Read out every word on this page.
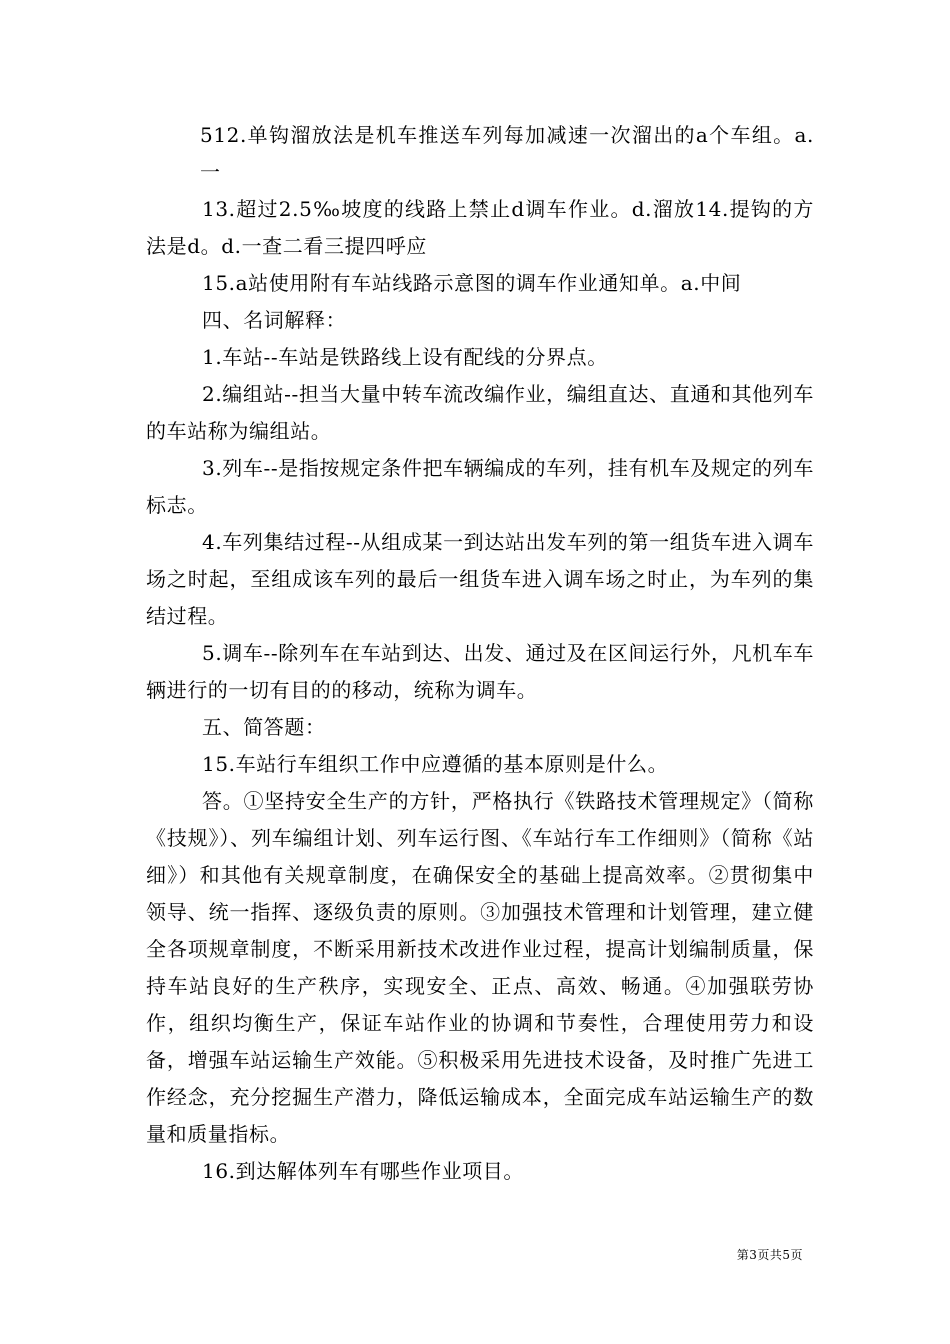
512.单钩溜放法是机车推送车列每加减速一次溜出的a个车组。a.一

13.超过2.5‰坡度的线路上禁止d调车作业。d.溜放14.提钩的方法是d。d.一查二看三提四呼应

15.a站使用附有车站线路示意图的调车作业通知单。a.中间

四、名词解释：

1.车站--车站是铁路线上设有配线的分界点。

2.编组站--担当大量中转车流改编作业，编组直达、直通和其他列车的车站称为编组站。

3.列车--是指按规定条件把车辆编成的车列，挂有机车及规定的列车标志。

4.车列集结过程--从组成某一到达站出发车列的第一组货车进入调车场之时起，至组成该车列的最后一组货车进入调车场之时止，为车列的集结过程。

5.调车--除列车在车站到达、出发、通过及在区间运行外，凡机车车辆进行的一切有目的的移动，统称为调车。

五、简答题：

15.车站行车组织工作中应遵循的基本原则是什么。

答。①坚持安全生产的方针，严格执行《铁路技术管理规定》（简称《技规》）、列车编组计划、列车运行图、《车站行车工作细则》（简称《站细》）和其他有关规章制度，在确保安全的基础上提高效率。②贯彻集中领导、统一指挥、逐级负责的原则。③加强技术管理和计划管理，建立健全各项规章制度，不断采用新技术改进作业过程，提高计划编制质量，保持车站良好的生产秩序，实现安全、正点、高效、畅通。④加强联劳协作，组织均衡生产，保证车站作业的协调和节奏性，合理使用劳力和设备，增强车站运输生产效能。⑤积极采用先进技术设备，及时推广先进工作经念，充分挖掘生产潜力，降低运输成本，全面完成车站运输生产的数量和质量指标。

16.到达解体列车有哪些作业项目。

第3页共5页
